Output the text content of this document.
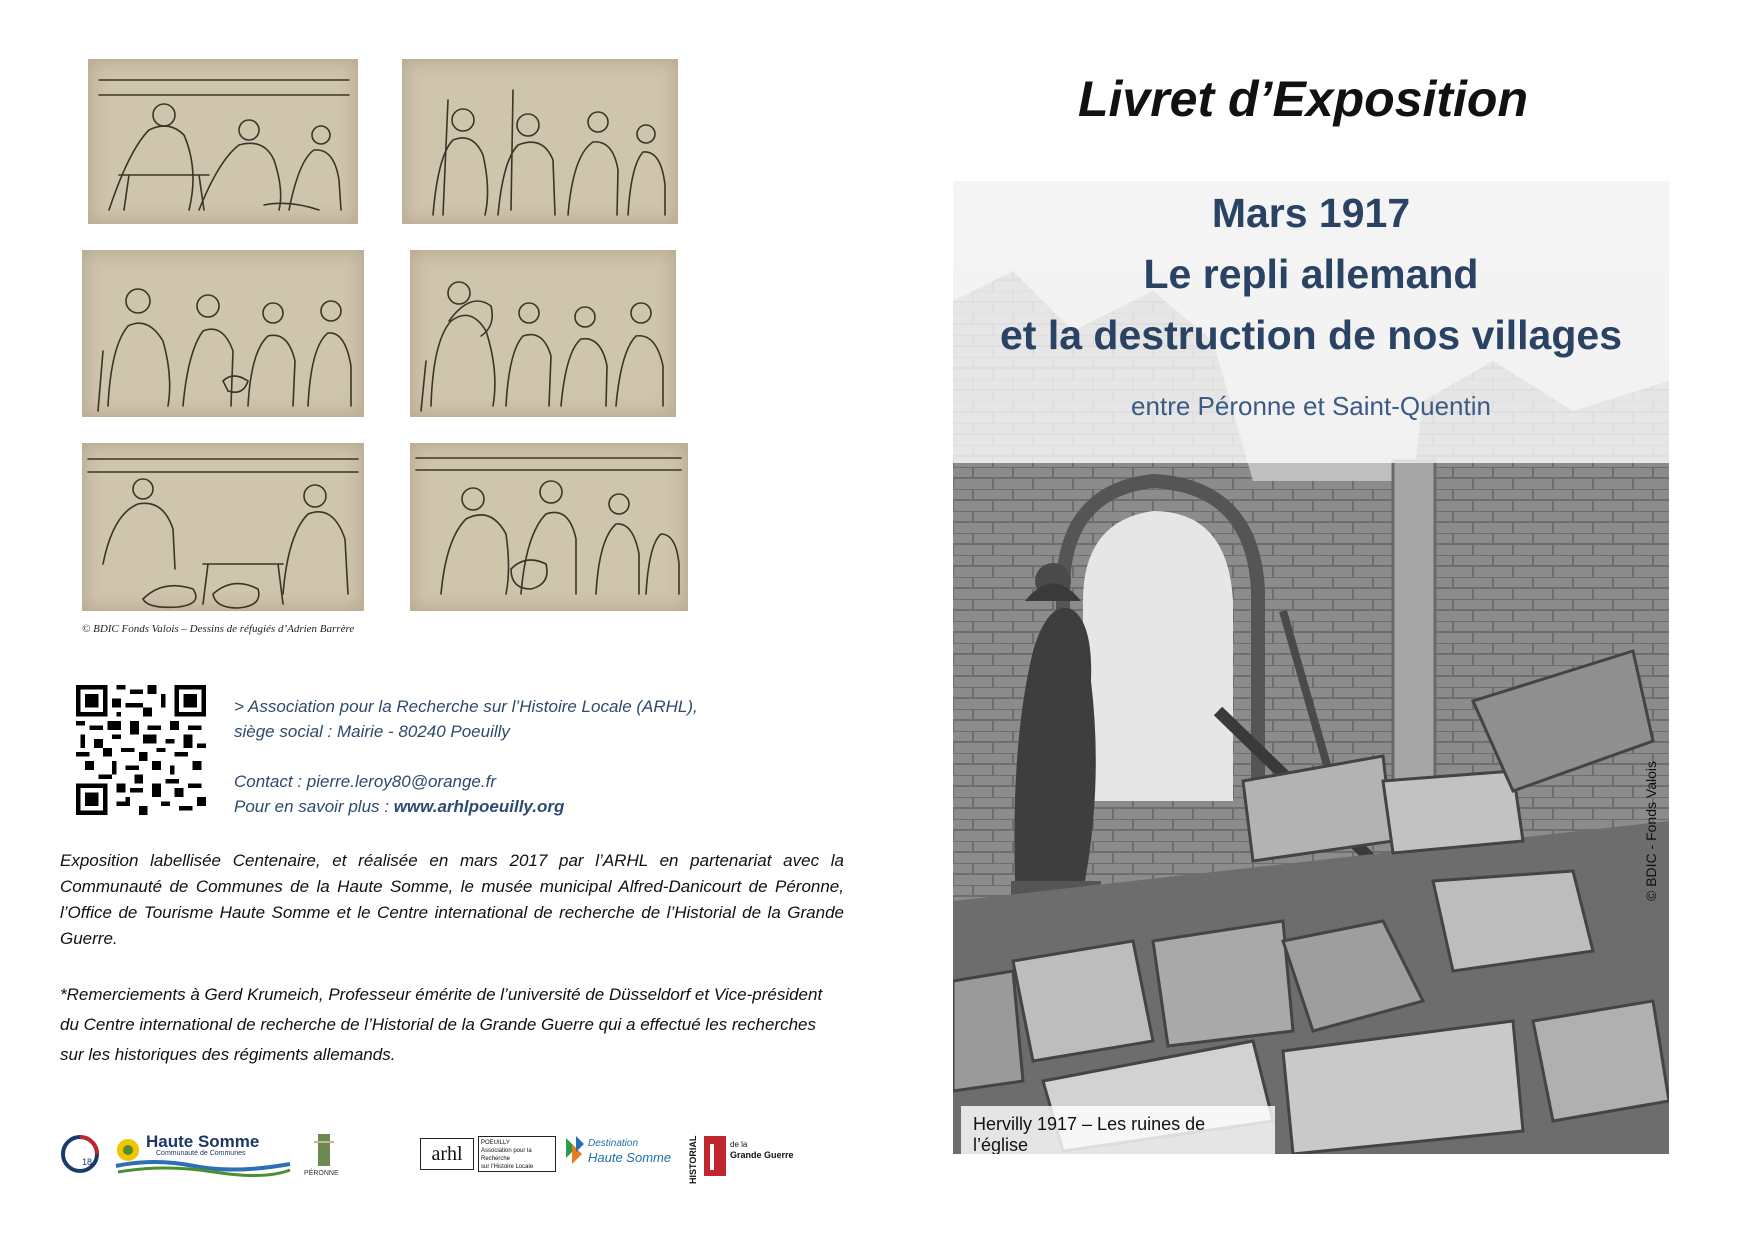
© BDIC Fonds Valois – Dessins de réfugiés d’Adrien Barrère
> Association pour la Recherche sur l’Histoire Locale (ARHL),
siège social : Mairie - 80240 Poeuilly
Contact : pierre.leroy80@orange.fr
Pour en savoir plus : www.arhlpoeuilly.org
Exposition labellisée Centenaire, et réalisée en mars 2017 par l’ARHL en partenariat avec la Communauté de Communes de la Haute Somme, le musée municipal Alfred-Danicourt de Péronne, l’Office de Tourisme Haute Somme et le Centre international de recherche de l’Historial de la Grande Guerre.
*Remerciements à Gerd Krumeich, Professeur émérite de l’université de Düsseldorf et Vice-président du Centre international de recherche de l’Historial de la Grande Guerre qui a effectué les recherches sur les historiques des régiments allemands.
18
Haute Somme
Communauté de Communes
PÉRONNE
arhl	POEUILLY
Association pour la Recherche
sur l'Histoire Locale
Destination
Haute Somme HISTORIAL	de la
Grande Guerre
Livret d’Exposition
Mars 1917
Le repli allemand
et la destruction de nos villages
entre Péronne et Saint-Quentin
© BDIC - Fonds Valois
Hervilly 1917 – Les ruines de l’église
